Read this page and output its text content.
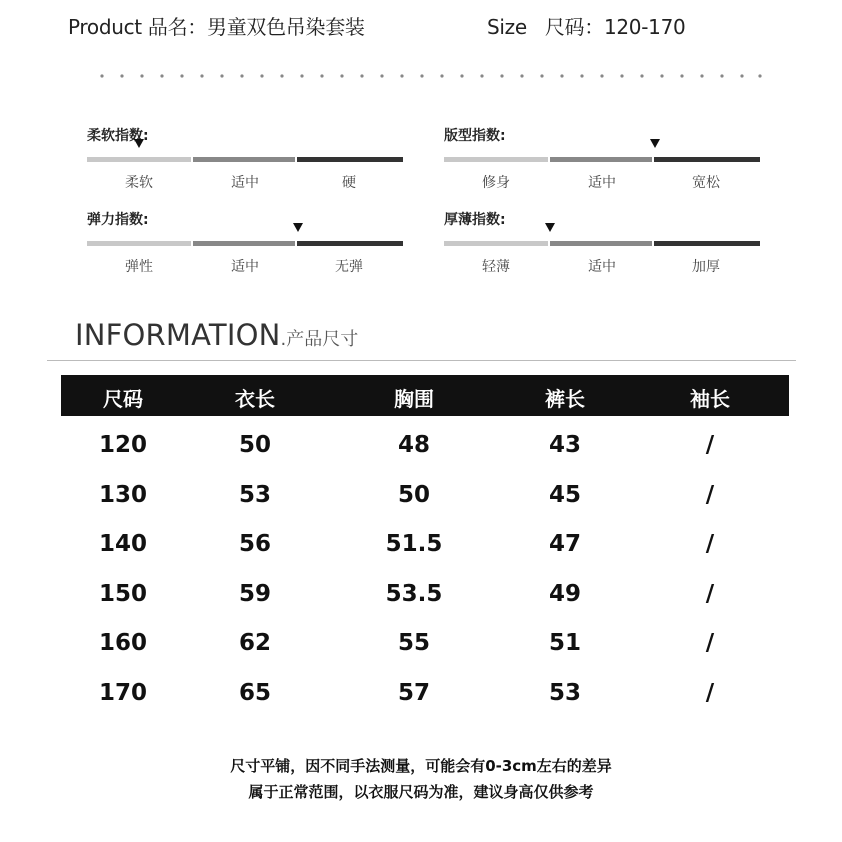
Product 品名：男童双色吊染套装	Size 尺码：120-170
柔软指数:
柔软	适中	硬
版型指数:
修身	适中	宽松
弹力指数:
弹性	适中	无弹
厚薄指数:
轻薄	适中	加厚
INFORMATION.产品尺寸
尺码	衣长	胸围	裤长	袖长
120	50	48	43	/
130	53	50	45	/
140	56	51.5	47	/
150	59	53.5	49	/
160	62	55	51	/
170	65	57	53	/
尺寸平铺，因不同手法测量，可能会有0-3cm左右的差异
属于正常范围，以衣服尺码为准，建议身高仅供参考
